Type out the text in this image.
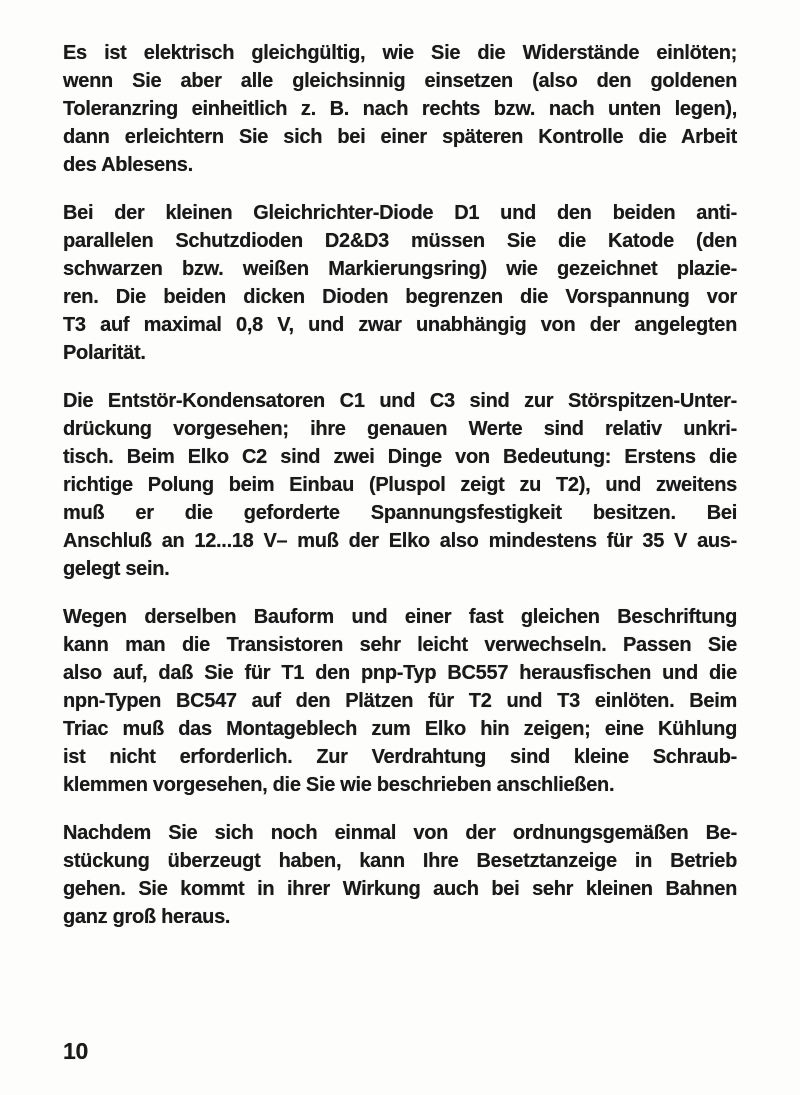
Es ist elektrisch gleichgültig, wie Sie die Widerstände einlöten;
wenn Sie aber alle gleichsinnig einsetzen (also den goldenen
Toleranzring einheitlich z. B. nach rechts bzw. nach unten legen),
dann erleichtern Sie sich bei einer späteren Kontrolle die Arbeit
des Ablesens.

Bei der kleinen Gleichrichter-Diode D1 und den beiden anti-
parallelen Schutzdioden D2&D3 müssen Sie die Katode (den
schwarzen bzw. weißen Markierungsring) wie gezeichnet plazie-
ren. Die beiden dicken Dioden begrenzen die Vorspannung vor
T3 auf maximal 0,8 V, und zwar unabhängig von der angelegten
Polarität.

Die Entstör-Kondensatoren C1 und C3 sind zur Störspitzen-Unter-
drückung vorgesehen; ihre genauen Werte sind relativ unkri-
tisch. Beim Elko C2 sind zwei Dinge von Bedeutung: Erstens die
richtige Polung beim Einbau (Pluspol zeigt zu T2), und zweitens
muß er die geforderte Spannungsfestigkeit besitzen. Bei
Anschluß an 12...18 V– muß der Elko also mindestens für 35 V aus-
gelegt sein.

Wegen derselben Bauform und einer fast gleichen Beschriftung
kann man die Transistoren sehr leicht verwechseln. Passen Sie
also auf, daß Sie für T1 den pnp-Typ BC557 herausfischen und die
npn-Typen BC547 auf den Plätzen für T2 und T3 einlöten. Beim
Triac muß das Montageblech zum Elko hin zeigen; eine Kühlung
ist nicht erforderlich. Zur Verdrahtung sind kleine Schraub-
klemmen vorgesehen, die Sie wie beschrieben anschließen.

Nachdem Sie sich noch einmal von der ordnungsgemäßen Be-
stückung überzeugt haben, kann Ihre Besetztanzeige in Betrieb
gehen. Sie kommt in ihrer Wirkung auch bei sehr kleinen Bahnen
ganz groß heraus.

10
